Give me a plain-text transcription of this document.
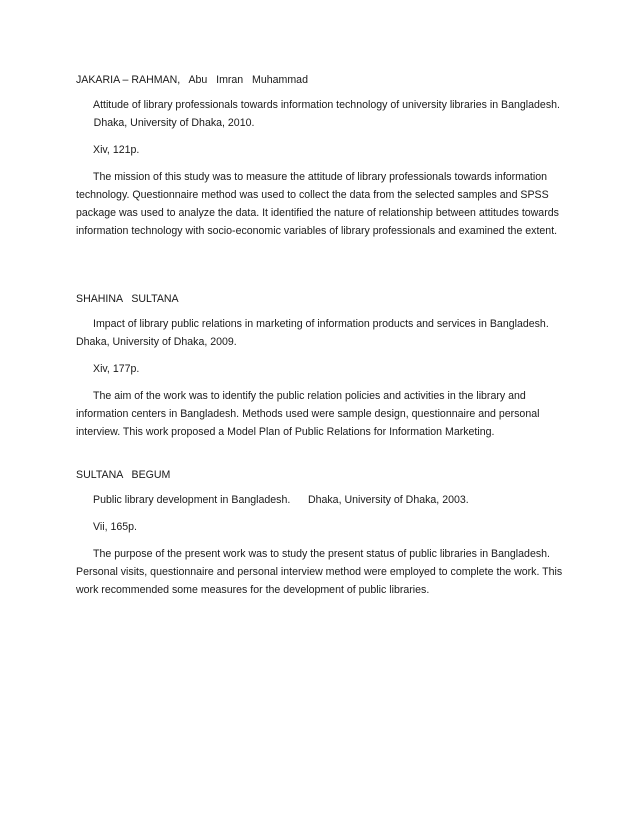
JAKARIA – RAHMAN,   Abu   Imran   Muhammad

Attitude of library professionals towards information technology of university libraries in Bangladesh.      Dhaka, University of Dhaka, 2010.

Xiv, 121p.

The mission of this study was to measure the attitude of library professionals towards information technology. Questionnaire method was used to collect the data from the selected samples and SPSS package was used to analyze the data. It identified the nature of relationship between attitudes towards information technology with socio-economic variables of library professionals and examined the extent.

SHAHINA   SULTANA

Impact of library public relations in marketing of information products and services in Bangladesh. Dhaka, University of Dhaka, 2009.

Xiv, 177p.

The aim of the work was to identify the public relation policies and activities in the library and information centers in Bangladesh. Methods used were sample design, questionnaire and personal interview. This work proposed a Model Plan of Public Relations for Information Marketing.

SULTANA   BEGUM

Public library development in Bangladesh. Dhaka, University of Dhaka, 2003.

Vii, 165p.

The purpose of the present work was to study the present status of public libraries in Bangladesh. Personal visits, questionnaire and personal interview method were employed to complete the work. This work recommended some measures for the development of public libraries.
